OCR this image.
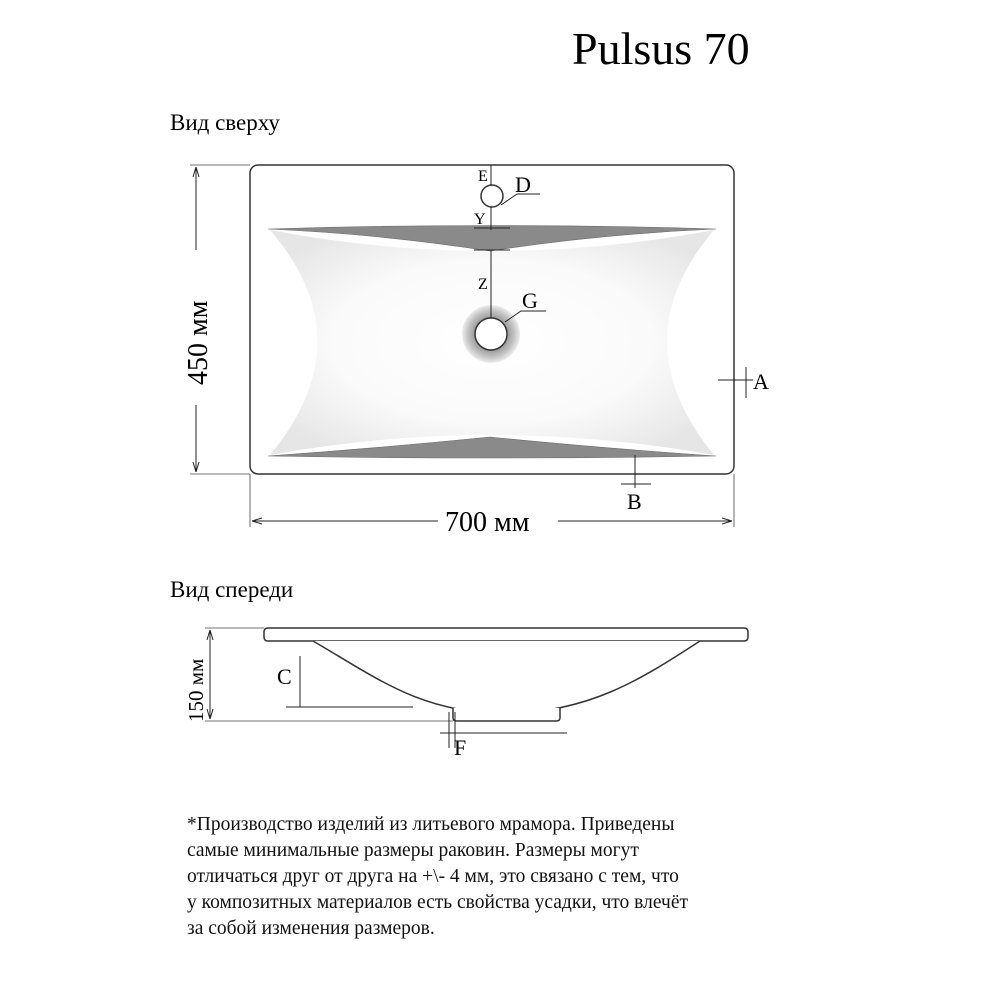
Pulsus 70
Вид сверху
E
Y
Z
D
G
A
B
450 мм
700 мм
Вид спереди
150 мм	C
F

*Производство изделий из литьевого мрамора. Приведены
самые минимальные размеры раковин. Размеры могут
отличаться друг от друга на +\- 4 мм, это связано с тем, что
у композитных материалов есть свойства усадки, что влечёт
за собой изменения размеров.
